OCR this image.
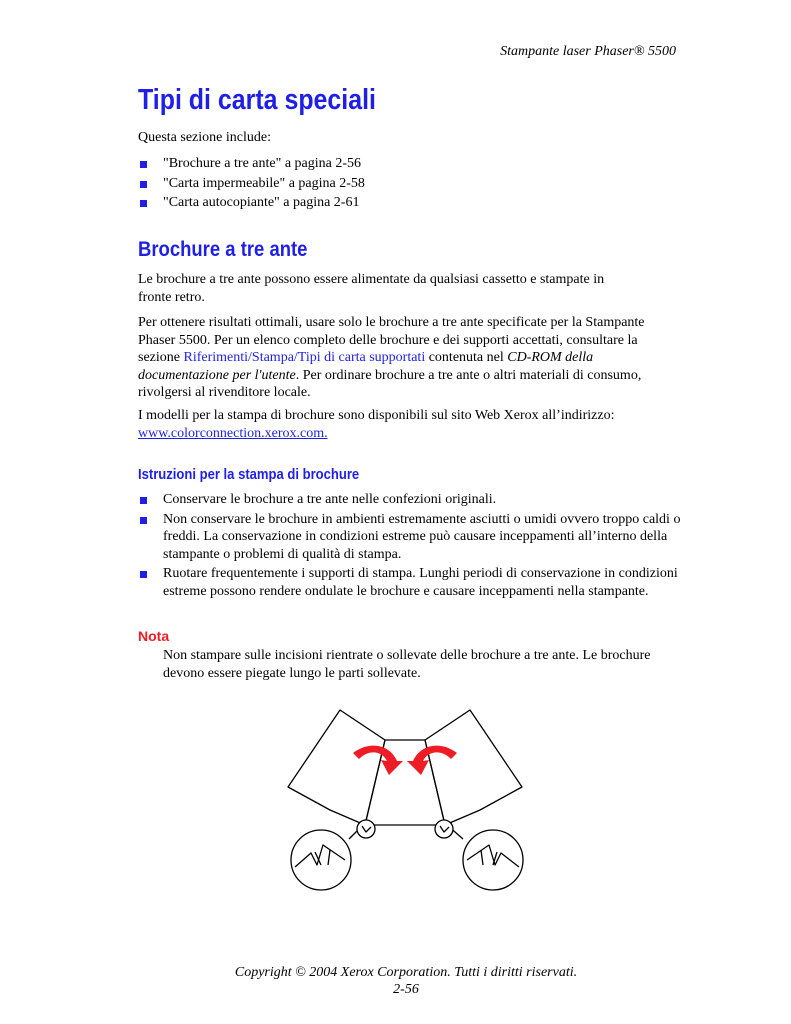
Stampante laser Phaser® 5500
Tipi di carta speciali

Questa sezione include:

"Brochure a tre ante" a pagina 2-56
"Carta impermeabile" a pagina 2-58
"Carta autocopiante" a pagina 2-61
Brochure a tre ante

Le brochure a tre ante possono essere alimentate da qualsiasi cassetto e stampate in fronte retro.

Per ottenere risultati ottimali, usare solo le brochure a tre ante specificate per la Stampante Phaser 5500. Per un elenco completo delle brochure e dei supporti accettati, consultare la sezione Riferimenti/Stampa/Tipi di carta supportati contenuta nel CD-ROM della documentazione per l'utente. Per ordinare brochure a tre ante o altri materiali di consumo, rivolgersi al rivenditore locale.

I modelli per la stampa di brochure sono disponibili sul sito Web Xerox all’indirizzo:
www.colorconnection.xerox.com.

Istruzioni per la stampa di brochure
Conservare le brochure a tre ante nelle confezioni originali.
Non conservare le brochure in ambienti estremamente asciutti o umidi ovvero troppo caldi o freddi. La conservazione in condizioni estreme può causare inceppamenti all’interno della stampante o problemi di qualità di stampa.
Ruotare frequentemente i supporti di stampa. Lunghi periodi di conservazione in condizioni estreme possono rendere ondulate le brochure e causare inceppamenti nella stampante.
Nota

Non stampare sulle incisioni rientrate o sollevate delle brochure a tre ante. Le brochure devono essere piegate lungo le parti sollevate.

Copyright © 2004 Xerox Corporation. Tutti i diritti riservati.
2-56
